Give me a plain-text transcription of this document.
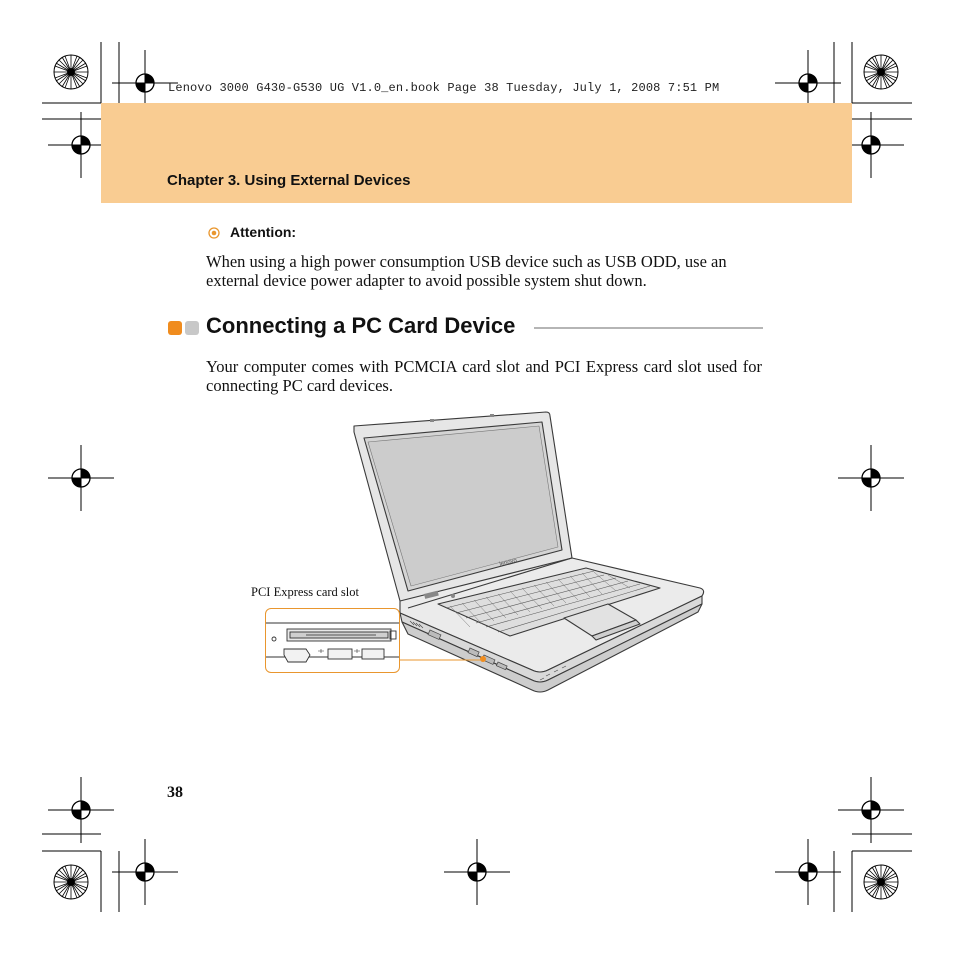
Lenovo 3000 G430-G530 UG V1.0_en.book Page 38 Tuesday, July 1, 2008 7:51 PM
Chapter 3. Using External Devices
Attention:
When using a high power consumption USB device such as USB ODD, use an external device power adapter to avoid possible system shut down.
Connecting a PC Card Device
Your computer comes with PCMCIA card slot and PCI Express card slot used for connecting PC card devices.
lenovo
PCI Express card slot
38
